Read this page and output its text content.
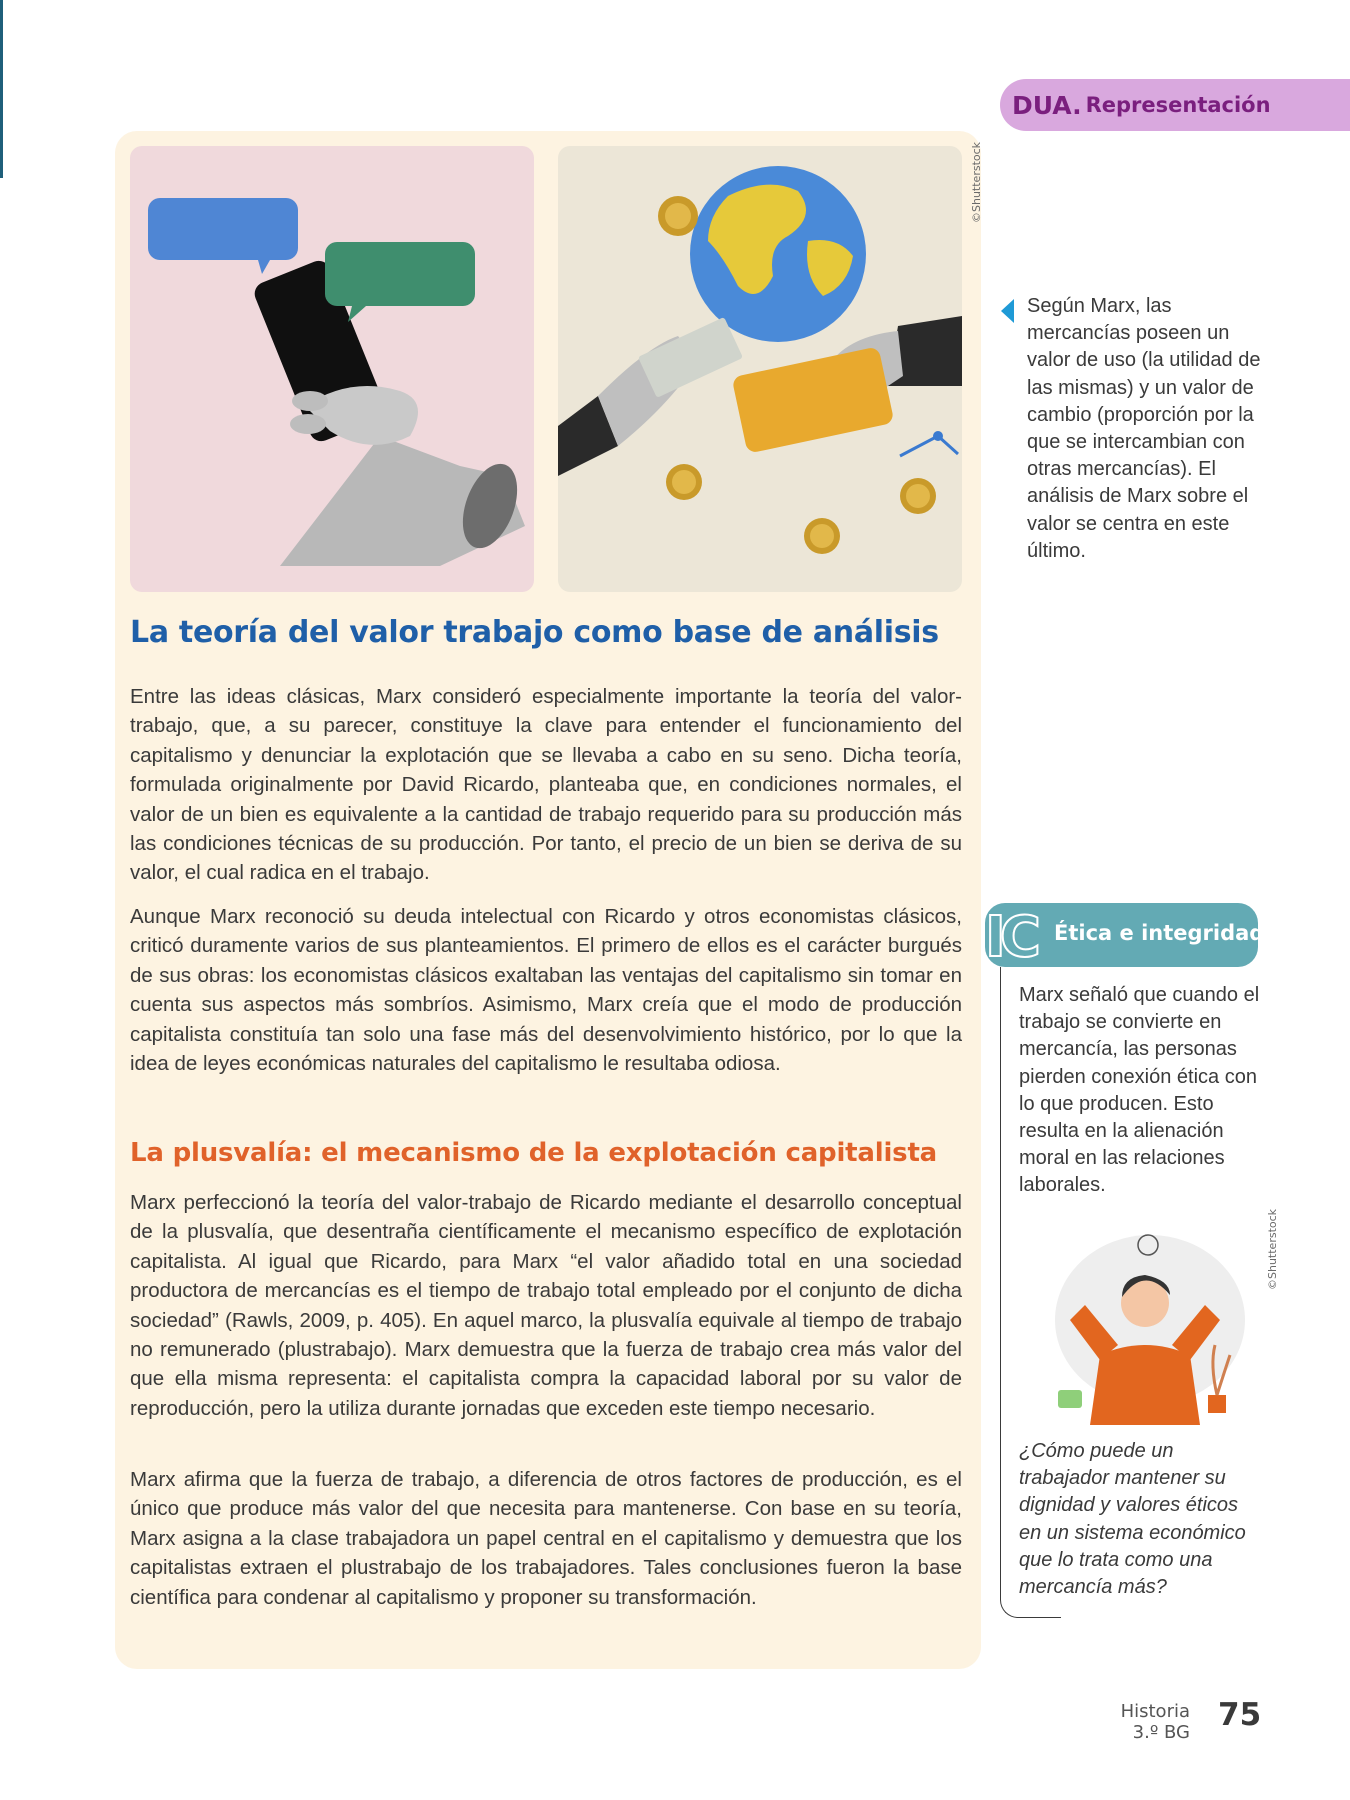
DUA. Representación
©Shutterstock
La teoría del valor trabajo como base de análisis

Entre las ideas clásicas, Marx consideró especialmente importante la teoría del valor-trabajo, que, a su parecer, constituye la clave para entender el funcionamiento del capitalismo y denunciar la explotación que se llevaba a cabo en su seno. Dicha teoría, formulada originalmente por David Ricardo, planteaba que, en condiciones normales, el valor de un bien es equivalente a la cantidad de trabajo requerido para su producción más las condiciones técnicas de su producción. Por tanto, el precio de un bien se deriva de su valor, el cual radica en el trabajo.

Aunque Marx reconoció su deuda intelectual con Ricardo y otros economistas clásicos, criticó duramente varios de sus planteamientos. El primero de ellos es el carácter burgués de sus obras: los economistas clásicos exaltaban las ventajas del capitalismo sin tomar en cuenta sus aspectos más sombríos. Asimismo, Marx creía que el modo de producción capitalista constituía tan solo una fase más del desenvolvimiento histórico, por lo que la idea de leyes económicas naturales del capitalismo le resultaba odiosa.

La plusvalía: el mecanismo de la explotación capitalista

Marx perfeccionó la teoría del valor-trabajo de Ricardo mediante el desarrollo conceptual de la plusvalía, que desentraña científicamente el mecanismo específico de explotación capitalista. Al igual que Ricardo, para Marx “el valor añadido total en una sociedad productora de mercancías es el tiempo de trabajo total empleado por el conjunto de dicha sociedad” (Rawls, 2009, p. 405). En aquel marco, la plusvalía equivale al tiempo de trabajo no remunerado (plustrabajo). Marx demuestra que la fuerza de trabajo crea más valor del que ella misma representa: el capitalista compra la capacidad laboral por su valor de reproducción, pero la utiliza durante jornadas que exceden este tiempo necesario.

Marx afirma que la fuerza de trabajo, a diferencia de otros factores de producción, es el único que produce más valor del que necesita para mantenerse. Con base en su teoría, Marx asigna a la clase trabajadora un papel central en el capitalismo y demuestra que los capitalistas extraen el plustrabajo de los trabajadores. Tales conclusiones fueron la base científica para condenar al capitalismo y proponer su transformación.

Según Marx, las mercancías poseen un valor de uso (la utilidad de las mismas) y un valor de cambio (proporción por la que se intercambian con otras mercancías). El análisis de Marx sobre el valor se centra en este último.

IC Ética e integridad

Marx señaló que cuando el trabajo se convierte en mercancía, las personas pierden conexión ética con lo que producen. Esto resulta en la alienación moral en las relaciones laborales.

©Shutterstock

¿Cómo puede un trabajador mantener su dignidad y valores éticos en un sistema económico que lo trata como una mercancía más?

Historia
3.º BG 75
